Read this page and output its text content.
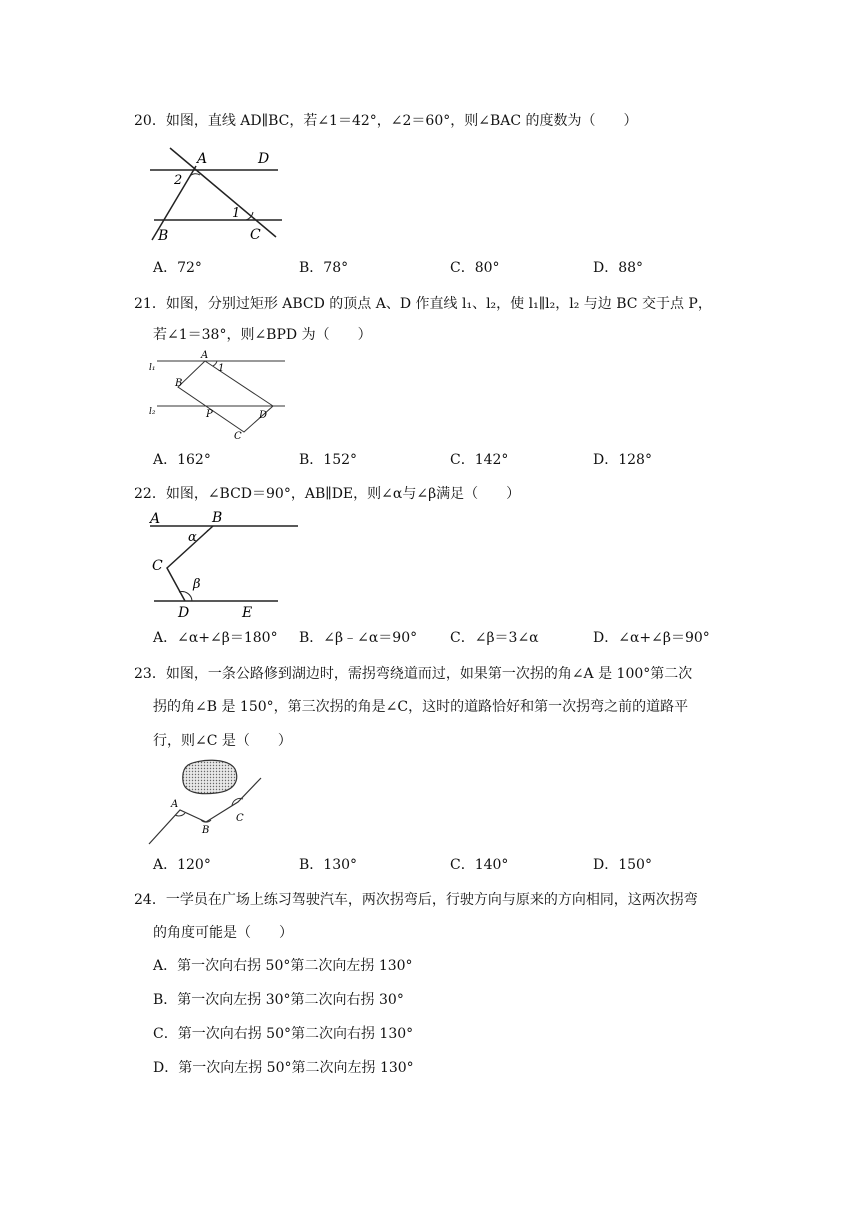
20．如图，直线 AD∥BC，若∠1＝42°，∠2＝60°，则∠BAC 的度数为（　　）
A	D
2
1
B	C
A．72°	B．78°	C．80°	D．88°
21．如图，分别过矩形 ABCD 的顶点 A、D 作直线 l₁、l₂，使 l₁∥l₂，l₂ 与边 BC 交于点 P，
若∠1＝38°，则∠BPD 为（　　）
l₁
l₂
A
1
B
P	D
C
A．162°	B．152°	C．142°	D．128°
22．如图，∠BCD＝90°，AB∥DE，则∠α与∠β满足（　　）
A	B
α
C
β
D	E
A．∠α+∠β＝180° B．∠β﹣∠α＝90° C．∠β＝3∠α	D．∠α+∠β＝90°
23．如图，一条公路修到湖边时，需拐弯绕道而过，如果第一次拐的角∠A 是 100°第二次
拐的角∠B 是 150°，第三次拐的角是∠C，这时的道路恰好和第一次拐弯之前的道路平
行，则∠C 是（　　）
A
B
C
A．120°	B．130°	C．140°	D．150°
24．一学员在广场上练习驾驶汽车，两次拐弯后，行驶方向与原来的方向相同，这两次拐弯
的角度可能是（　　）
A．第一次向右拐 50°第二次向左拐 130°
B．第一次向左拐 30°第二次向右拐 30°
C．第一次向右拐 50°第二次向右拐 130°
D．第一次向左拐 50°第二次向左拐 130°
